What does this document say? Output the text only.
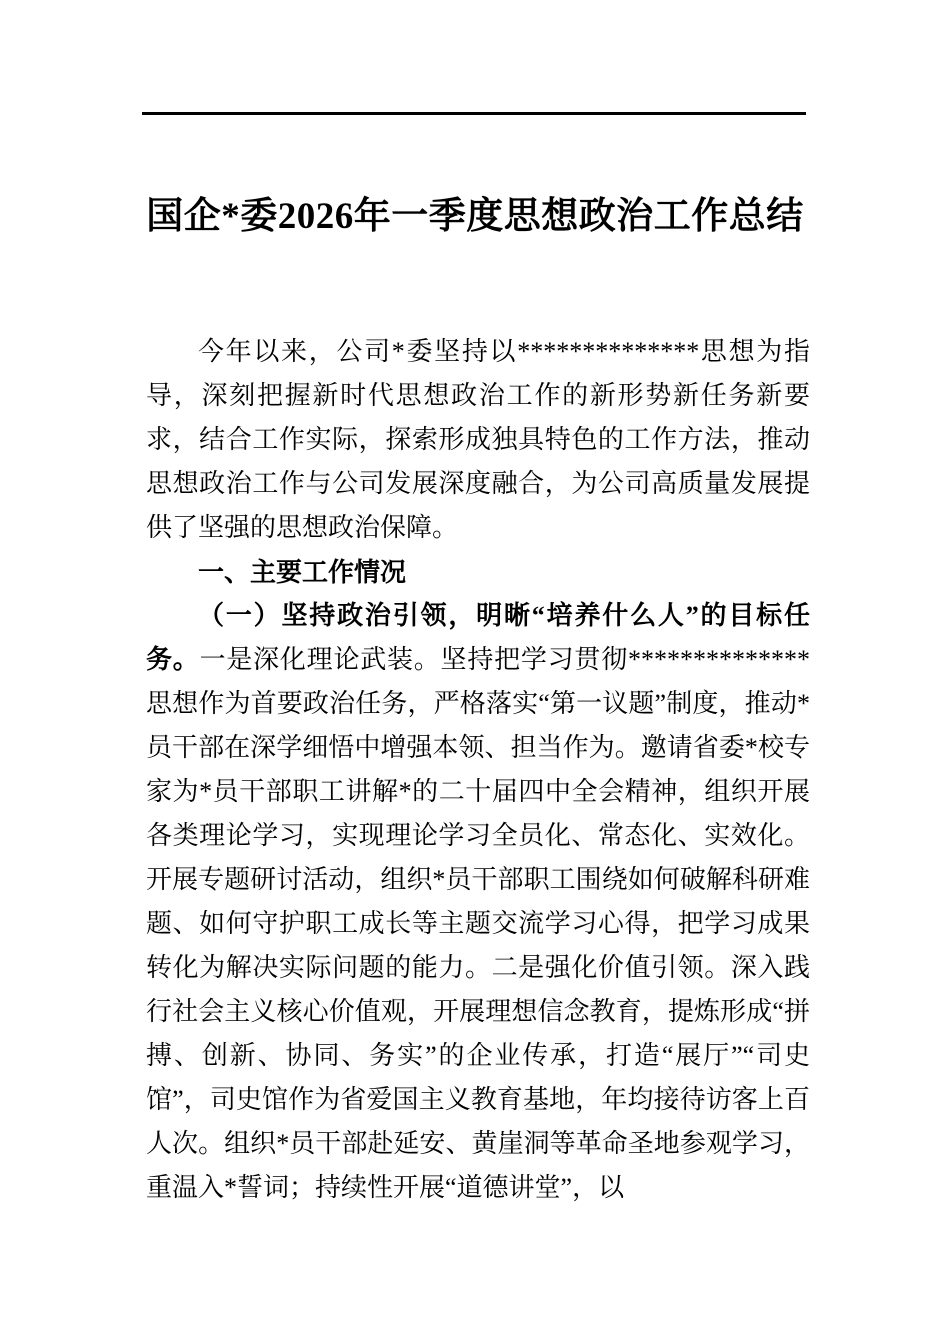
国企*委2026年一季度思想政治工作总结

今年以来，公司*委坚持以**************思想为指导，深刻把握新时代思想政治工作的新形势新任务新要求，结合工作实际，探索形成独具特色的工作方法，推动思想政治工作与公司发展深度融合，为公司高质量发展提供了坚强的思想政治保障。

一、主要工作情况

（一）坚持政治引领，明晰“培养什么人”的目标任务。一是深化理论武装。坚持把学习贯彻**************思想作为首要政治任务，严格落实“第一议题”制度，推动*员干部在深学细悟中增强本领、担当作为。邀请省委*校专家为*员干部职工讲解*的二十届四中全会精神，组织开展各类理论学习，实现理论学习全员化、常态化、实效化。开展专题研讨活动，组织*员干部职工围绕如何破解科研难题、如何守护职工成长等主题交流学习心得，把学习成果转化为解决实际问题的能力。二是强化价值引领。深入践行社会主义核心价值观，开展理想信念教育，提炼形成“拼搏、创新、协同、务实”的企业传承，打造“展厅”“司史馆”，司史馆作为省爱国主义教育基地，年均接待访客上百人次。组织*员干部赴延安、黄崖洞等革命圣地参观学习，重温入*誓词；持续性开展“道德讲堂”，以
